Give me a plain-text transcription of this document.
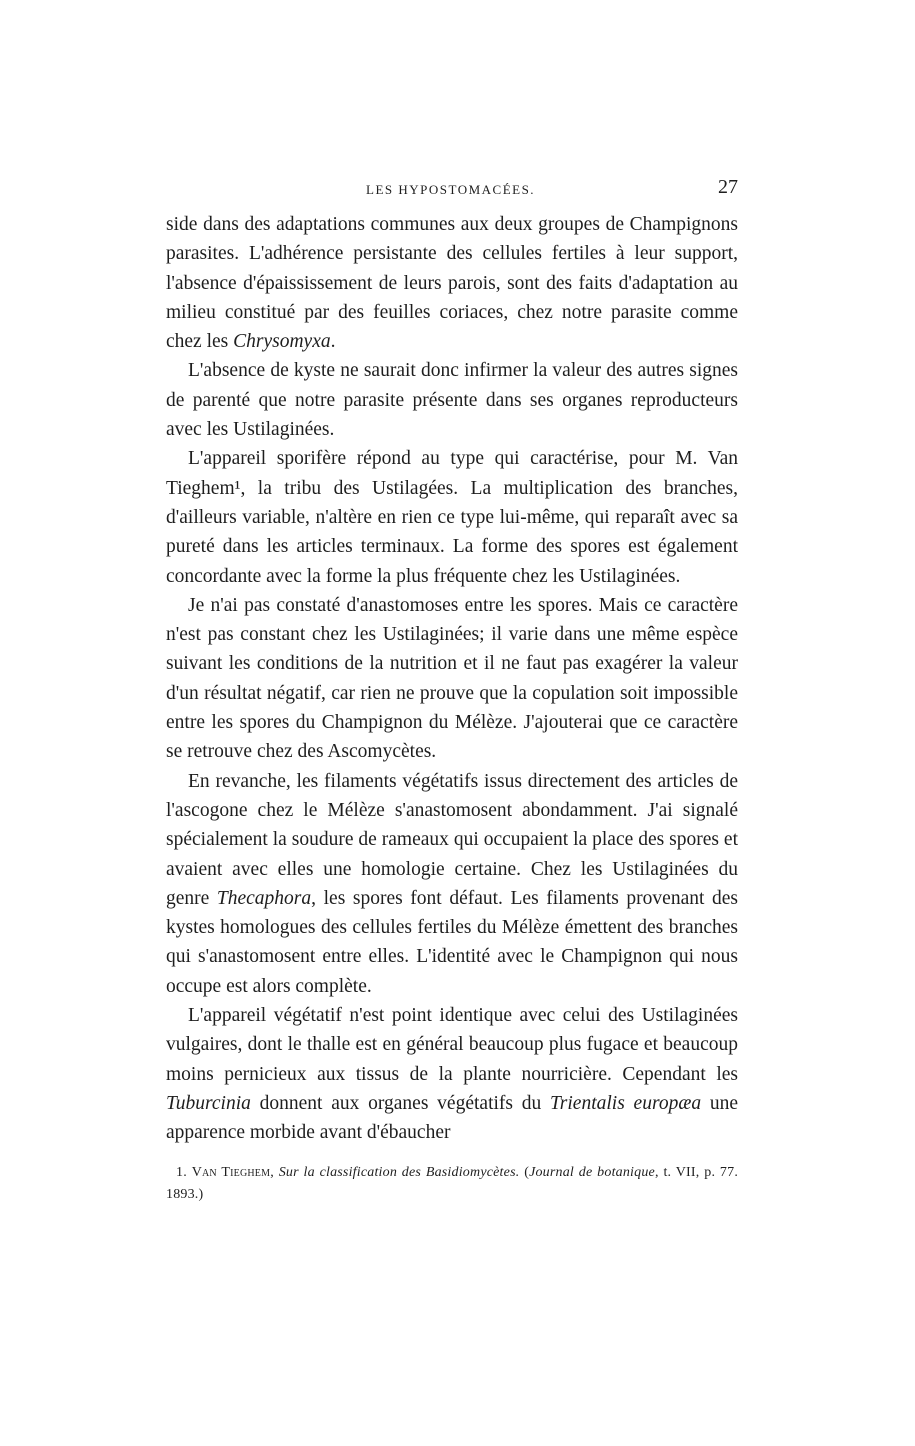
LES HYPOSTOMACÉES.	27

side dans des adaptations communes aux deux groupes de Champignons parasites. L'adhérence persistante des cellules fertiles à leur support, l'absence d'épaississement de leurs parois, sont des faits d'adaptation au milieu constitué par des feuilles coriaces, chez notre parasite comme chez les Chrysomyxa.

L'absence de kyste ne saurait donc infirmer la valeur des autres signes de parenté que notre parasite présente dans ses organes reproducteurs avec les Ustilaginées.

L'appareil sporifère répond au type qui caractérise, pour M. Van Tieghem¹, la tribu des Ustilagées. La multiplication des branches, d'ailleurs variable, n'altère en rien ce type lui-même, qui reparaît avec sa pureté dans les articles terminaux. La forme des spores est également concordante avec la forme la plus fréquente chez les Ustilaginées.

Je n'ai pas constaté d'anastomoses entre les spores. Mais ce caractère n'est pas constant chez les Ustilaginées; il varie dans une même espèce suivant les conditions de la nutrition et il ne faut pas exagérer la valeur d'un résultat négatif, car rien ne prouve que la copulation soit impossible entre les spores du Champignon du Mélèze. J'ajouterai que ce caractère se retrouve chez des Ascomycètes.

En revanche, les filaments végétatifs issus directement des articles de l'ascogone chez le Mélèze s'anastomosent abondamment. J'ai signalé spécialement la soudure de rameaux qui occupaient la place des spores et avaient avec elles une homologie certaine. Chez les Ustilaginées du genre Thecaphora, les spores font défaut. Les filaments provenant des kystes homologues des cellules fertiles du Mélèze émettent des branches qui s'anastomosent entre elles. L'identité avec le Champignon qui nous occupe est alors complète.

L'appareil végétatif n'est point identique avec celui des Ustilaginées vulgaires, dont le thalle est en général beaucoup plus fugace et beaucoup moins pernicieux aux tissus de la plante nourricière. Cependant les Tuburcinia donnent aux organes végétatifs du Trientalis europæa une apparence morbide avant d'ébaucher

1. Van Tieghem, Sur la classification des Basidiomycètes. (Journal de botanique, t. VII, p. 77. 1893.)
